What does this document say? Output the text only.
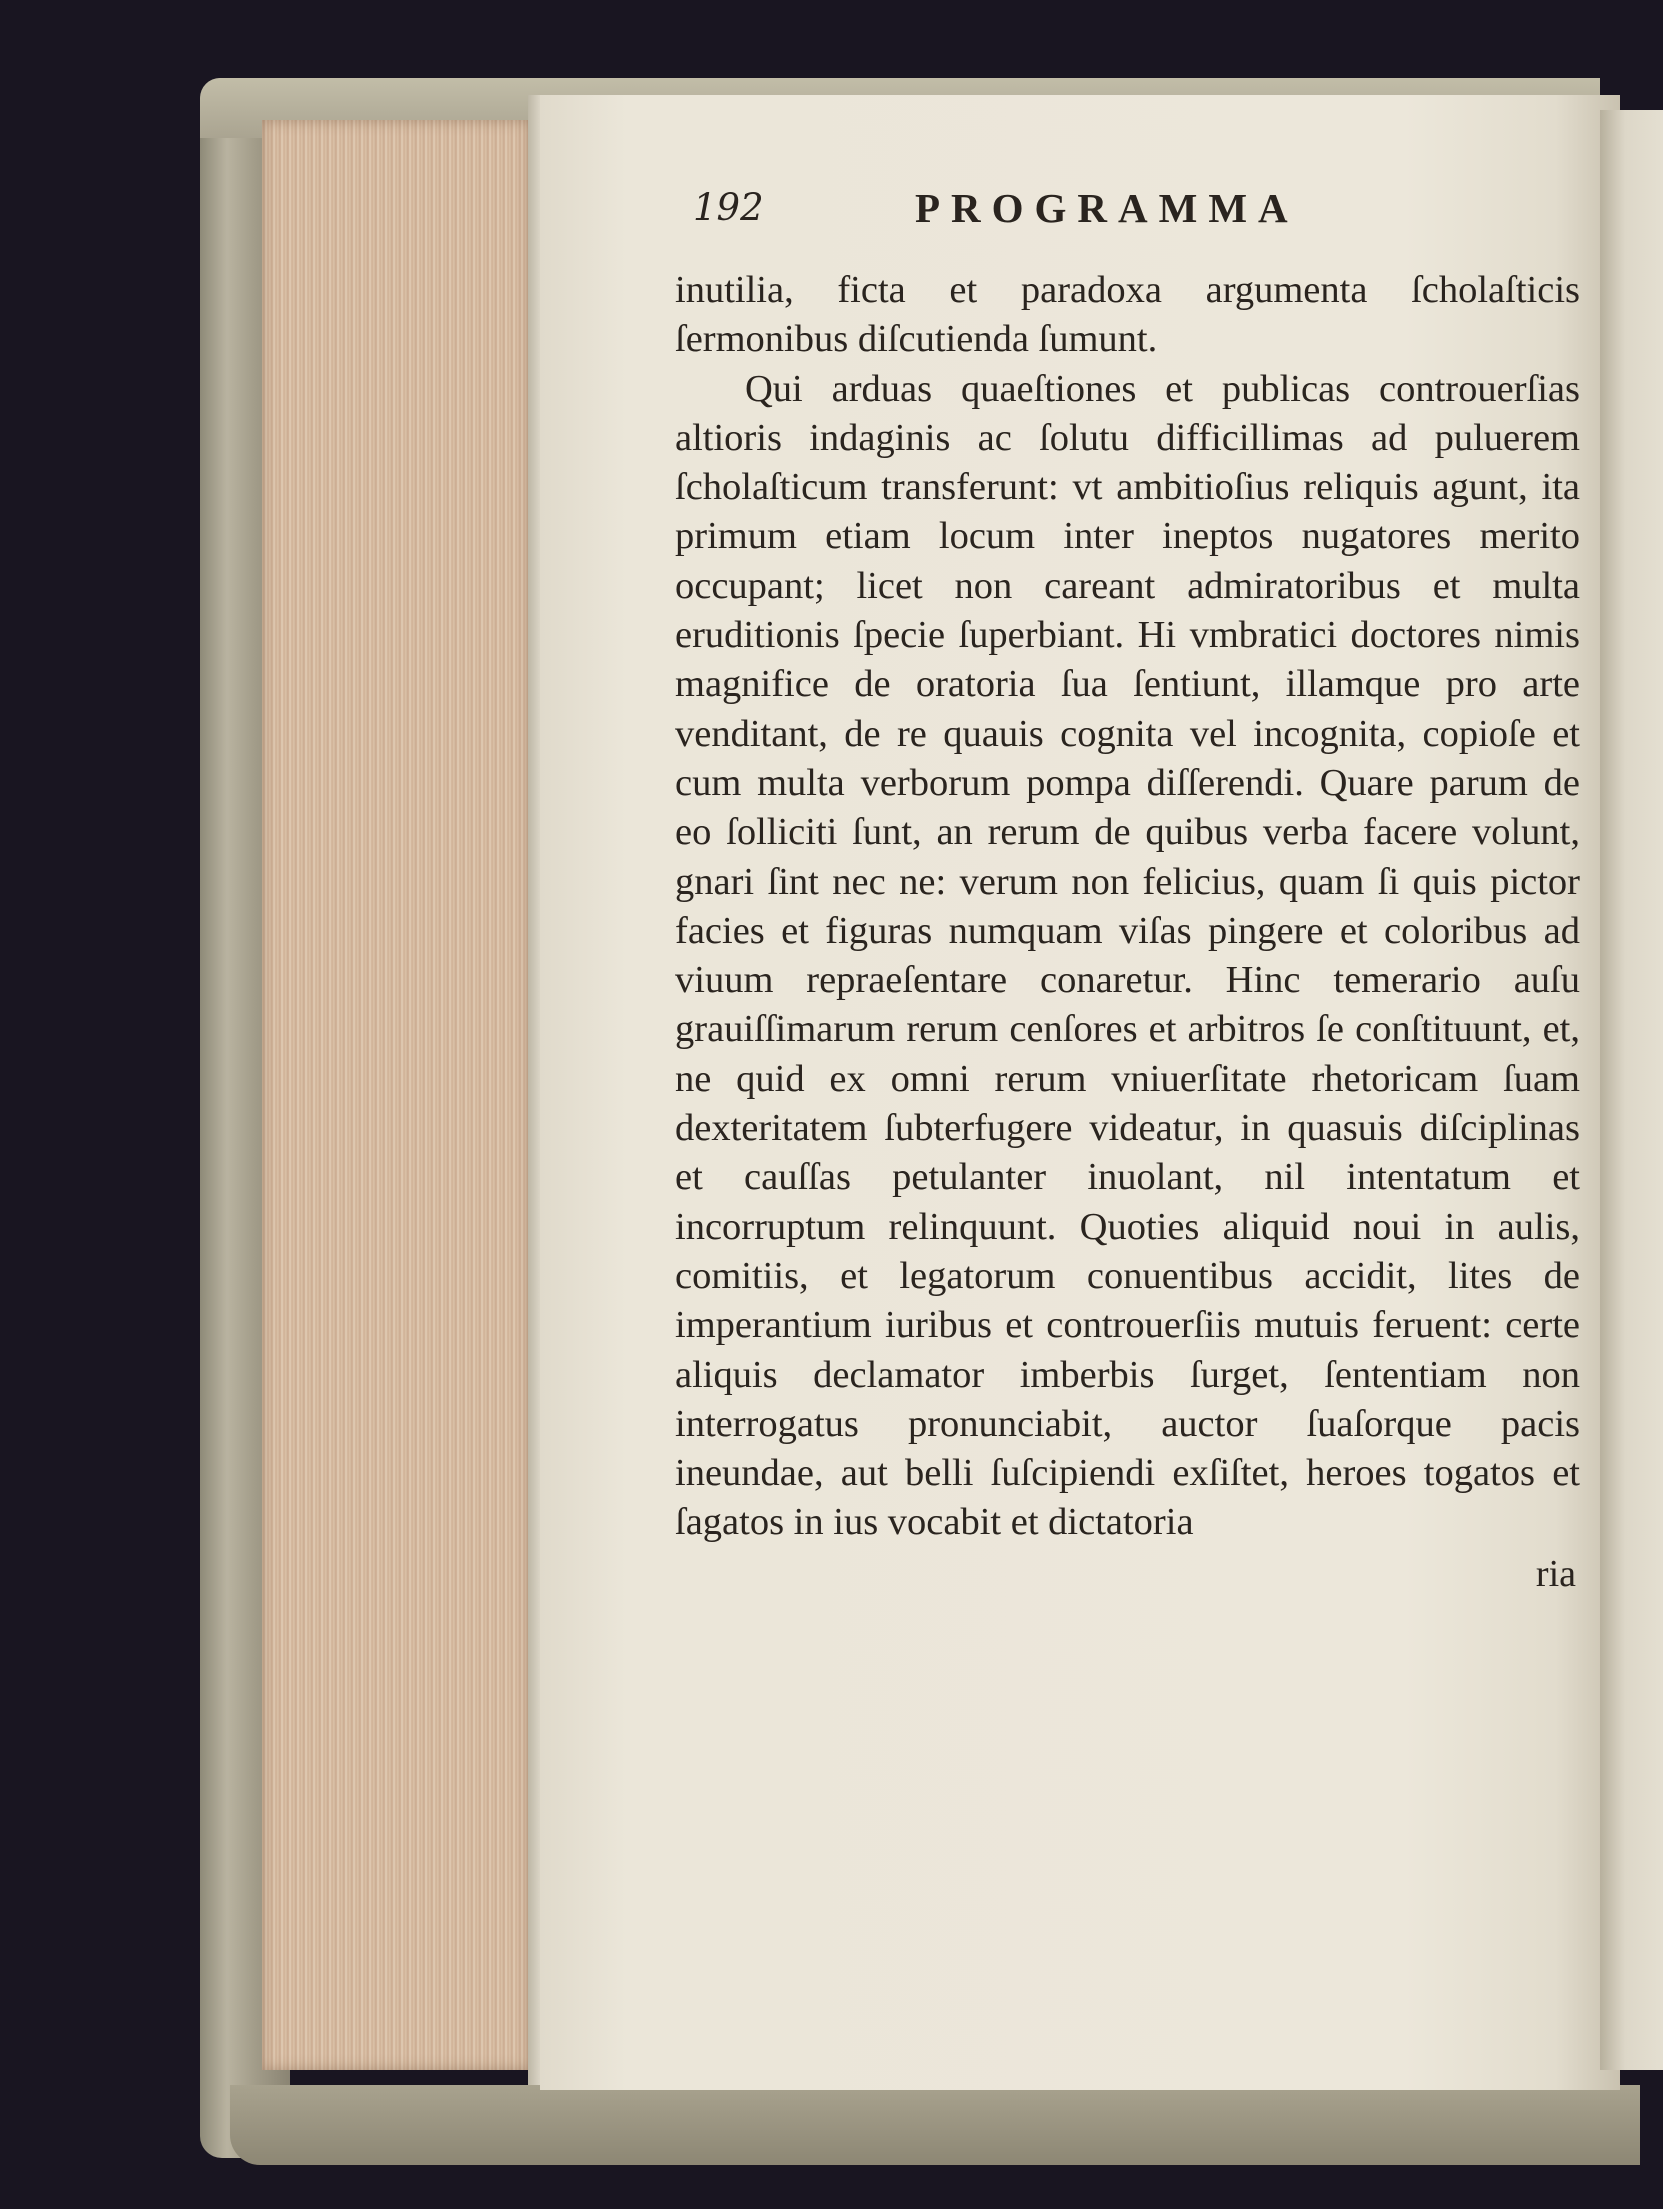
192	PROGRAMMA

inutilia, ficta et paradoxa argumenta ſcholaſticis ſermonibus diſcutienda ſumunt.

Qui arduas quaeſtiones et publicas controuerſias altioris indaginis ac ſolutu difficillimas ad puluerem ſcholaſticum transferunt: vt ambitioſius reliquis agunt, ita primum etiam locum inter ineptos nugatores merito occupant; licet non careant admiratoribus et multa eruditionis ſpecie ſuperbiant. Hi vmbratici doctores nimis magnifice de oratoria ſua ſentiunt, illamque pro arte venditant, de re quauis cognita vel incognita, copioſe et cum multa verborum pompa diſſerendi. Quare parum de eo ſolliciti ſunt, an rerum de quibus verba facere volunt, gnari ſint nec ne: verum non felicius, quam ſi quis pictor facies et figuras numquam viſas pingere et coloribus ad viuum repraeſentare conaretur. Hinc temerario auſu grauiſſimarum rerum cenſores et arbitros ſe conſtituunt, et, ne quid ex omni rerum vniuerſitate rhetoricam ſuam dexteritatem ſubterfugere videatur, in quasuis diſciplinas et cauſſas petulanter inuolant, nil intentatum et incorruptum relinquunt. Quoties aliquid noui in aulis, comitiis, et legatorum conuentibus accidit, lites de imperantium iuribus et controuerſiis mutuis feruent: certe aliquis declamator imberbis ſurget, ſententiam non interrogatus pronunciabit, auctor ſuaſorque pacis ineundae, aut belli ſuſcipiendi exſiſtet, heroes togatos et ſagatos in ius vocabit et dictatoria

ria
